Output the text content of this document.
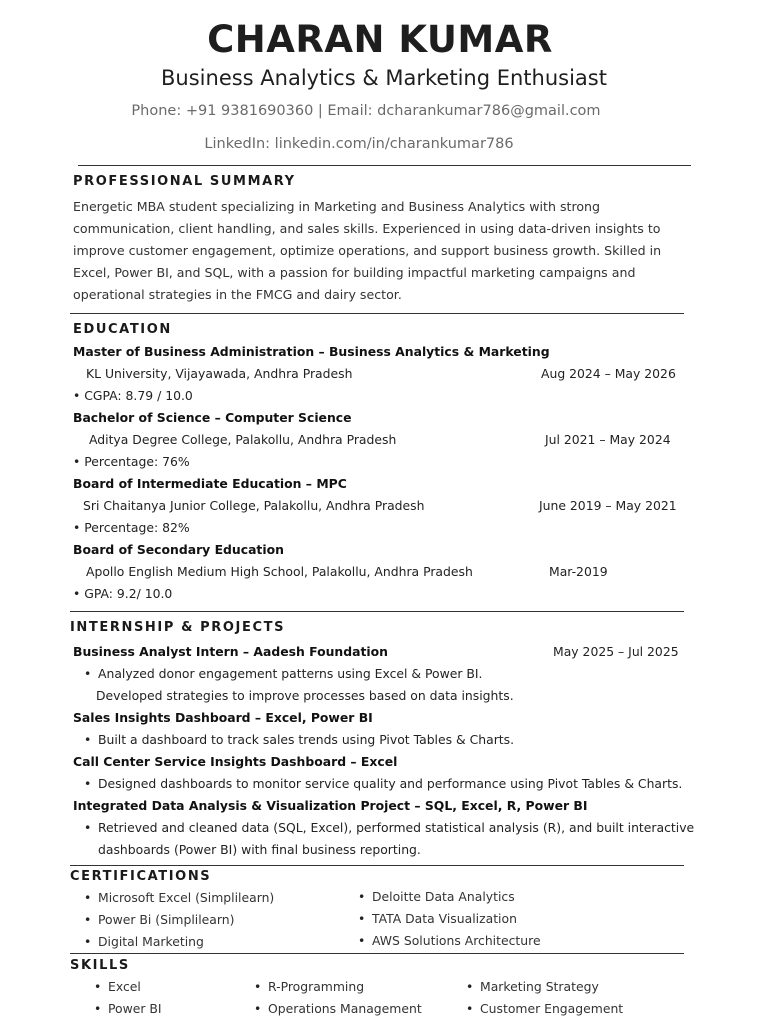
CHARAN KUMAR
Business Analytics & Marketing Enthusiast
Phone: +91 9381690360 | Email: dcharankumar786@gmail.com
LinkedIn: linkedin.com/in/charankumar786
PROFESSIONAL SUMMARY
Energetic MBA student specializing in Marketing and Business Analytics with strong communication, client handling, and sales skills. Experienced in using data-driven insights to improve customer engagement, optimize operations, and support business growth. Skilled in Excel, Power BI, and SQL, with a passion for building impactful marketing campaigns and operational strategies in the FMCG and dairy sector.
EDUCATION
Master of Business Administration – Business Analytics & Marketing
KL University, Vijayawada, Andhra Pradesh	Aug 2024 – May 2026
• CGPA: 8.79 / 10.0
Bachelor of Science – Computer Science
Aditya Degree College, Palakollu, Andhra Pradesh	Jul 2021 – May 2024
• Percentage: 76%
Board of Intermediate Education – MPC
Sri Chaitanya Junior College, Palakollu, Andhra Pradesh	June 2019 – May 2021
• Percentage: 82%
Board of Secondary Education
Apollo English Medium High School, Palakollu, Andhra Pradesh	Mar-2019
• GPA: 9.2/ 10.0
INTERNSHIP & PROJECTS
Business Analyst Intern – Aadesh Foundation	May 2025 – Jul 2025
• Analyzed donor engagement patterns using Excel & Power BI.
Developed strategies to improve processes based on data insights.
Sales Insights Dashboard – Excel, Power BI
• Built a dashboard to track sales trends using Pivot Tables & Charts.
Call Center Service Insights Dashboard – Excel
• Designed dashboards to monitor service quality and performance using Pivot Tables & Charts.
Integrated Data Analysis & Visualization Project – SQL, Excel, R, Power BI
• Retrieved and cleaned data (SQL, Excel), performed statistical analysis (R), and built interactive
dashboards (Power BI) with final business reporting.
CERTIFICATIONS
• Microsoft Excel (Simplilearn)
• Power Bi (Simplilearn)
• Digital Marketing
• Deloitte Data Analytics
• TATA Data Visualization
• AWS Solutions Architecture
SKILLS
• Excel
• Power BI
• R-Programming
• Operations Management
• Marketing Strategy
• Customer Engagement
